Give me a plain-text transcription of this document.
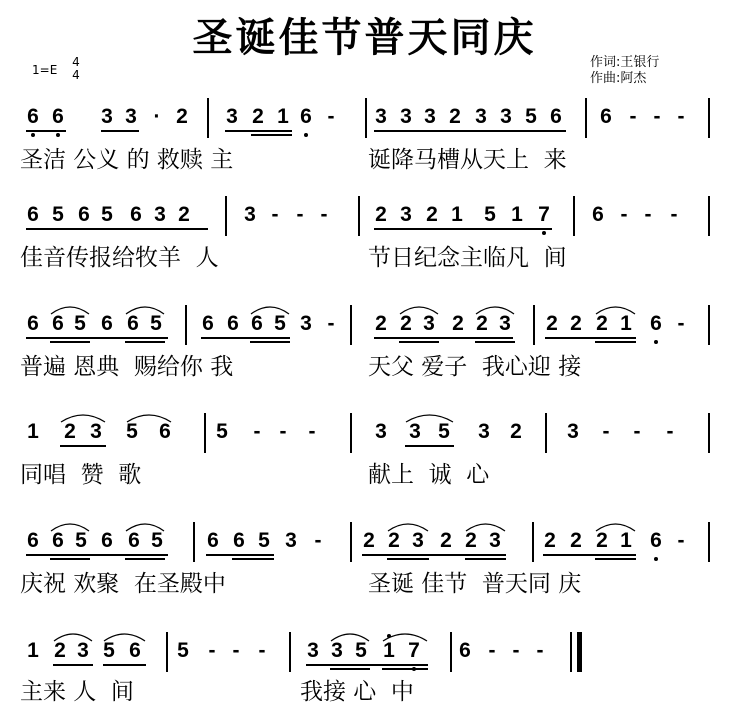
圣诞佳节普天同庆
1=E
4
4
作词:王银行
作曲:阿杰
6 6 3 3 · 2 3 2 1 6 - 3 3 3 2 3 3 5 6 6 - - -
圣洁 公义 的 救赎 主	诞降马槽从天上  来
6 5 6 5 6 3 2	3 - - - 2 3 2 1 5 1 7 6 - - -
佳音传报给牧羊  人	节日纪念主临凡  间
6 6 5 6 6 5 6 6 6 5 3 - 2 2 3 2 2 3 2 2 2 1 6 -
普遍 恩典  赐给你 我	天父 爱子  我心迎 接
1 2 3 5 6 5 - - -	3 3 5 3 2 3 - - -
同唱  赞  歌	献上  诚  心
6 6 5 6 6 5 6 6 5 3 - 2 2 3 2 2 3 2 2 2 1 6 -
庆祝 欢聚  在圣殿中	圣诞 佳节  普天同 庆
1 2 3 5 6 5 - - - 3 3 5 1 7 6 - - -
主来 人  间	我接 心  中
